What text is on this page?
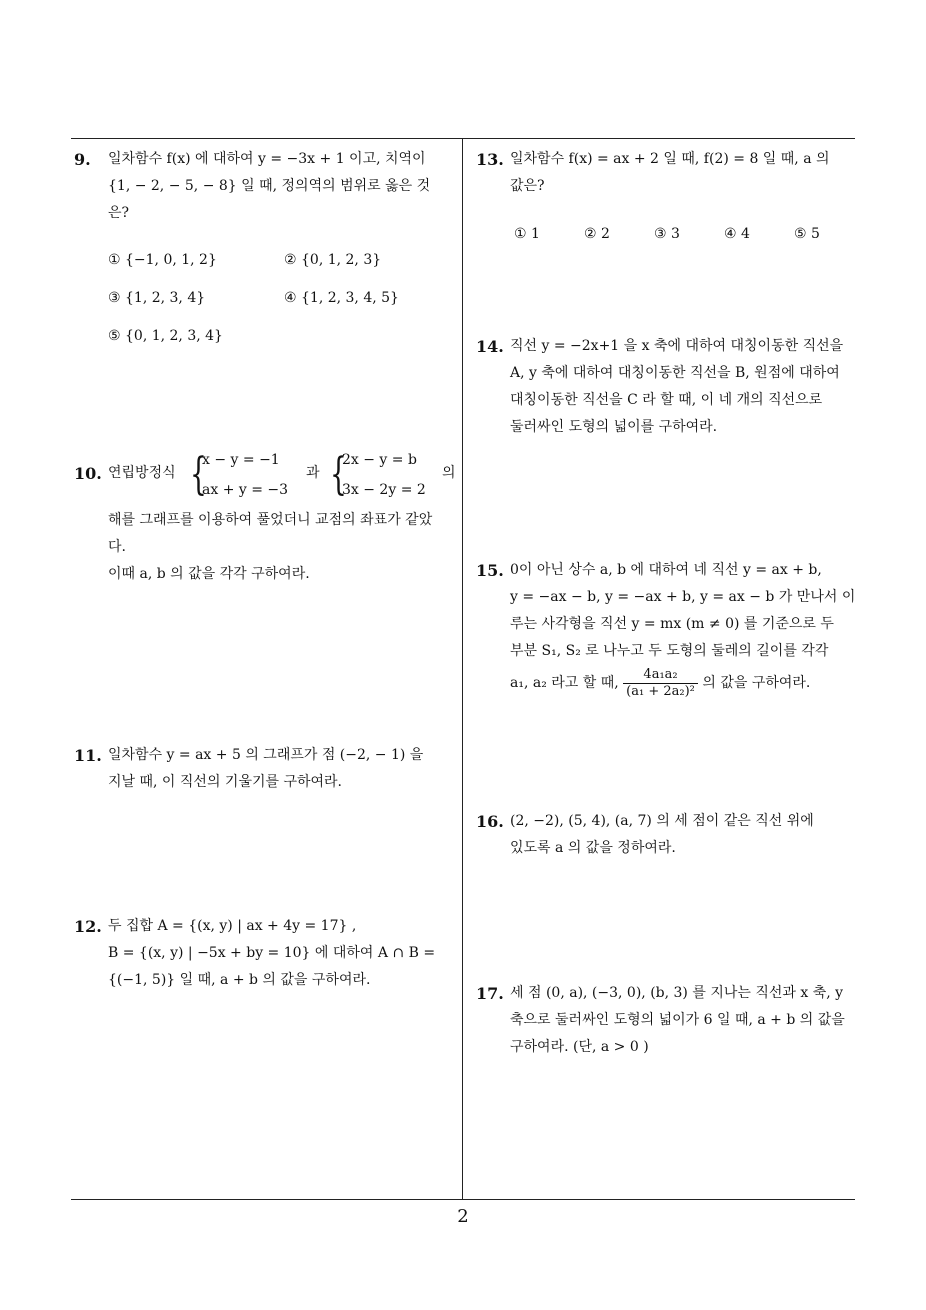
9. 일차함수 f(x) 에 대하여 y = −3x + 1 이고, 치역이
{1, − 2, − 5, − 8} 일 때, 정의역의 범위로 옳은 것
은?
① {−1, 0, 1, 2}	② {0, 1, 2, 3}
③ {1, 2, 3, 4}	④ {1, 2, 3, 4, 5}
⑤ {0, 1, 2, 3, 4}
10. 연립방정식 {
x − y = −1
ax + y = −3
과 {
2x − y = b
3x − 2y = 2
의
해를 그래프를 이용하여 풀었더니 교점의 좌표가 같았
다.
이때 a, b 의 값을 각각 구하여라.
11. 일차함수 y = ax + 5 의 그래프가 점 (−2, − 1) 을
지날 때, 이 직선의 기울기를 구하여라.
12. 두 집합 A = {(x, y) | ax + 4y = 17} ,
B = {(x, y) | −5x + by = 10} 에 대하여 A ∩ B =
{(−1, 5)} 일 때, a + b 의 값을 구하여라.
13. 일차함수 f(x) = ax + 2 일 때, f(2) = 8 일 때, a 의
값은?
① 1	② 2	③ 3	④ 4	⑤ 5
14. 직선 y = −2x+1 을 x 축에 대하여 대칭이동한 직선을
A, y 축에 대하여 대칭이동한 직선을 B, 원점에 대하여
대칭이동한 직선을 C 라 할 때, 이 네 개의 직선으로
둘러싸인 도형의 넓이를 구하여라.
15. 0이 아닌 상수 a, b 에 대하여 네 직선 y = ax + b,
y = −ax − b, y = −ax + b, y = ax − b 가 만나서 이
루는 사각형을 직선 y = mx (m ≠ 0) 를 기준으로 두
부분 S₁, S₂ 로 나누고 두 도형의 둘레의 길이를 각각
a₁, a₂ 라고 할 때, $\frac{\text{4a₁a₂}}{\text{(a₁ + 2a₂)²}}$ 의 값을 구하여라.
16. (2, −2), (5, 4), (a, 7) 의 세 점이 같은 직선 위에
있도록 a 의 값을 정하여라.
17. 세 점 (0, a), (−3, 0), (b, 3) 를 지나는 직선과 x 축, y
축으로 둘러싸인 도형의 넓이가 6 일 때, a + b 의 값을
구하여라. (단, a > 0 )
2
